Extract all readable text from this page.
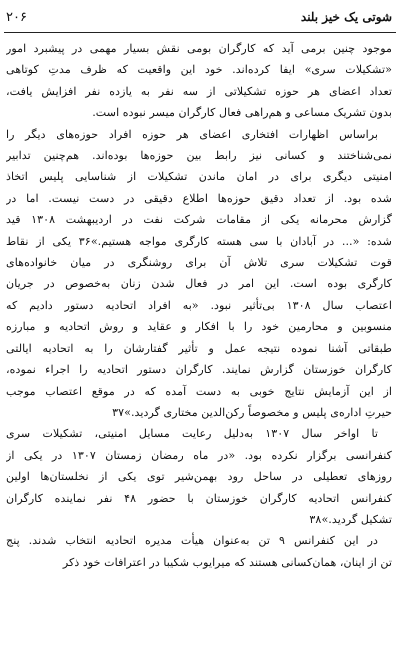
شوتی یک خیز بلند
۲۰۶
موجود چنین برمی آید که کارگران بومی نقش بسیار مهمی در پیشبرد امور
«تشکیلات سری» ایفا کرده‌اند. خود این واقعیت که ظرف مدتِ کوتاهی
تعداد اعضای هر حوزه تشکیلاتی از سه نفر به یازده نفر افزایش یافت،
بدون تشریک مساعی و هم‌راهی فعال کارگران میسر نبوده است.
براساس اظهارات افتخاری اعضای هر حوزه افراد حوزه‌های دیگر را
نمی‌شناختند و کسانی نیز رابط بین حوزه‌ها بوده‌اند. هم‌چنین تدابیر
امنیتی دیگری برای در امان ماندن تشکیلات از شناسایی پلیس اتخاذ
شده بود. از تعداد دقیق حوزه‌ها اطلاع دقیقی در دست نیست. اما در
گزارش محرمانه یکی از مقامات شرکت نفت در اردیبهشت ۱۳۰۸ قید
شده: «... در آبادان با سی هسته کارگری مواجه هستیم.»۳۶ یکی از نقاط
قوت تشکیلات سری تلاش آن برای روشنگری در میان خانواده‌های
کارگری بوده است. این امر در فعال شدن زنان به‌خصوص در جریان
اعتصاب سال ۱۳۰۸ بی‌تأثیر نبود. «به افراد اتحادیه دستور دادیم که
منسوبین و محارمین خود را با افکار و عقاید و روش اتحادیه و مبارزه
طبقاتی آشنا نموده نتیجه عمل و تأثیر گفتارشان را به اتحادیه ایالتی
کارگران خوزستان گزارش نمایند. کارگران دستور اتحادیه را اجراء نموده،
از این آزمایش نتایج خوبی به دست آمده که در موقع اعتصاب موجب
حیرتِ اداره‌ی پلیس و مخصوصاً رکن‌الدین مختاری گردید.»۳۷
تا اواخر سال ۱۳۰۷ به‌دلیل رعایت مسایل امنیتی، تشکیلات سری
کنفرانسی برگزار نکرده بود. «در ماه رمضان زمستان ۱۳۰۷ در یکی از
روزهای تعطیلی در ساحل رود بهمن‌شیر توی یکی از نخلستان‌ها اولین
کنفرانس اتحادیه کارگران خوزستان با حضور ۴۸ نفر نماینده کارگران
تشکیل گردید.»۳۸
در این کنفرانس ۹ تن به‌عنوان هیأت مدیره اتحادیه انتخاب شدند. پنج
تن از اینان، همان‌کسانی هستند که میرایوب شکیبا در اعترافات خود ذکر
